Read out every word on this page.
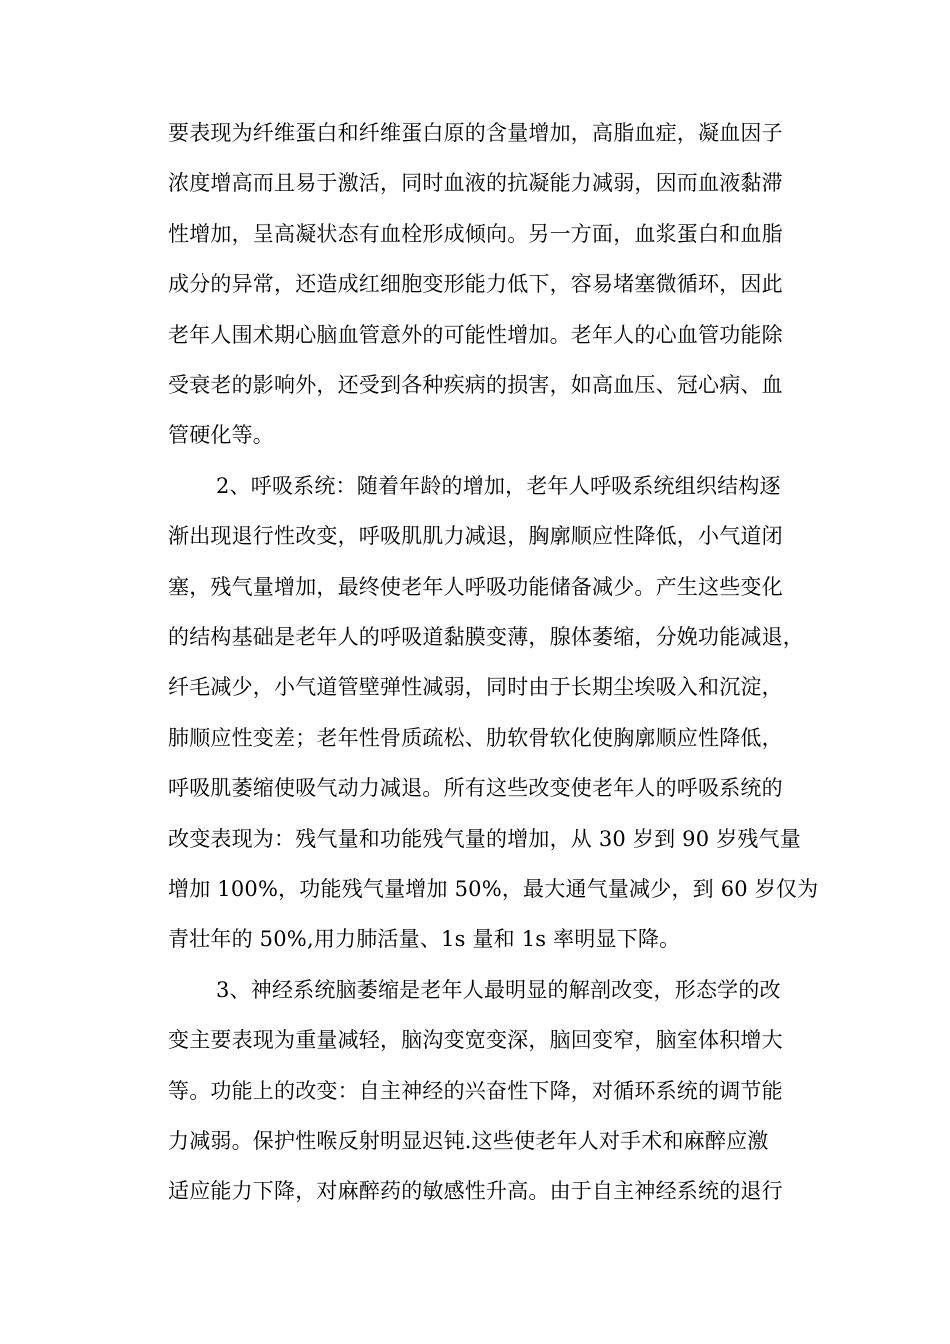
要表现为纤维蛋白和纤维蛋白原的含量增加，高脂血症，凝血因子
浓度增高而且易于激活，同时血液的抗凝能力减弱，因而血液黏滞
性增加，呈高凝状态有血栓形成倾向。另一方面，血浆蛋白和血脂
成分的异常，还造成红细胞变形能力低下，容易堵塞微循环，因此
老年人围术期心脑血管意外的可能性增加。老年人的心血管功能除
受衰老的影响外，还受到各种疾病的损害，如高血压、冠心病、血
管硬化等。
2、呼吸系统：随着年龄的增加，老年人呼吸系统组织结构逐
渐出现退行性改变，呼吸肌肌力减退，胸廓顺应性降低，小气道闭
塞，残气量增加，最终使老年人呼吸功能储备减少。产生这些变化
的结构基础是老年人的呼吸道黏膜变薄，腺体萎缩，分娩功能减退，
纤毛减少，小气道管壁弹性减弱，同时由于长期尘埃吸入和沉淀，
肺顺应性变差；老年性骨质疏松、肋软骨软化使胸廓顺应性降低，
呼吸肌萎缩使吸气动力减退。所有这些改变使老年人的呼吸系统的
改变表现为：残气量和功能残气量的增加，从 30 岁到 90 岁残气量
增加 100%，功能残气量增加 50%，最大通气量减少，到 60 岁仅为
青壮年的 50%,用力肺活量、1s 量和 1s 率明显下降。
3、神经系统脑萎缩是老年人最明显的解剖改变，形态学的改
变主要表现为重量减轻，脑沟变宽变深，脑回变窄，脑室体积增大
等。功能上的改变：自主神经的兴奋性下降，对循环系统的调节能
力减弱。保护性喉反射明显迟钝.这些使老年人对手术和麻醉应激
适应能力下降，对麻醉药的敏感性升高。由于自主神经系统的退行
